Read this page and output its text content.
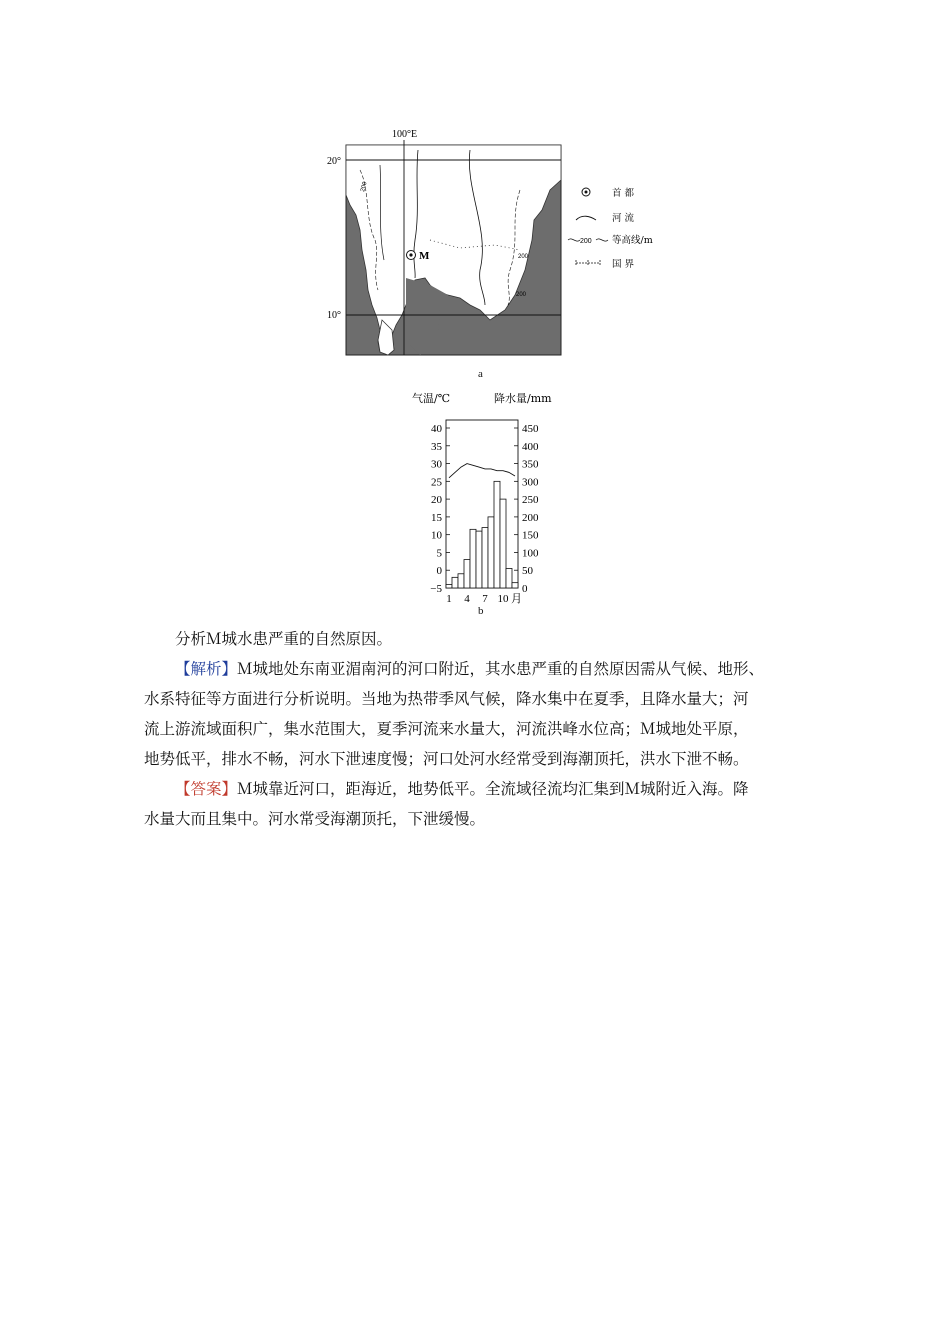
M
200
200
200
100°E
20°
10°
首 都
河 流
200 等高线/m
国 界
a
气温/℃	降水量/mm
40
35
30
25
20
15
10
5
0
−5
450
400
350
300
250
200
150
100
50
0
1 4 7 10 月
b

分析Ｍ城水患严重的自然原因。

【解析】Ｍ城地处东南亚湄南河的河口附近，其水患严重的自然原因需从气候、地形、

水系特征等方面进行分析说明。当地为热带季风气候，降水集中在夏季，且降水量大；河

流上游流域面积广，集水范围大，夏季河流来水量大，河流洪峰水位高；Ｍ城地处平原，

地势低平，排水不畅，河水下泄速度慢；河口处河水经常受到海潮顶托，洪水下泄不畅。

【答案】Ｍ城靠近河口，距海近，地势低平。全流域径流均汇集到Ｍ城附近入海。降

水量大而且集中。河水常受海潮顶托，下泄缓慢。
